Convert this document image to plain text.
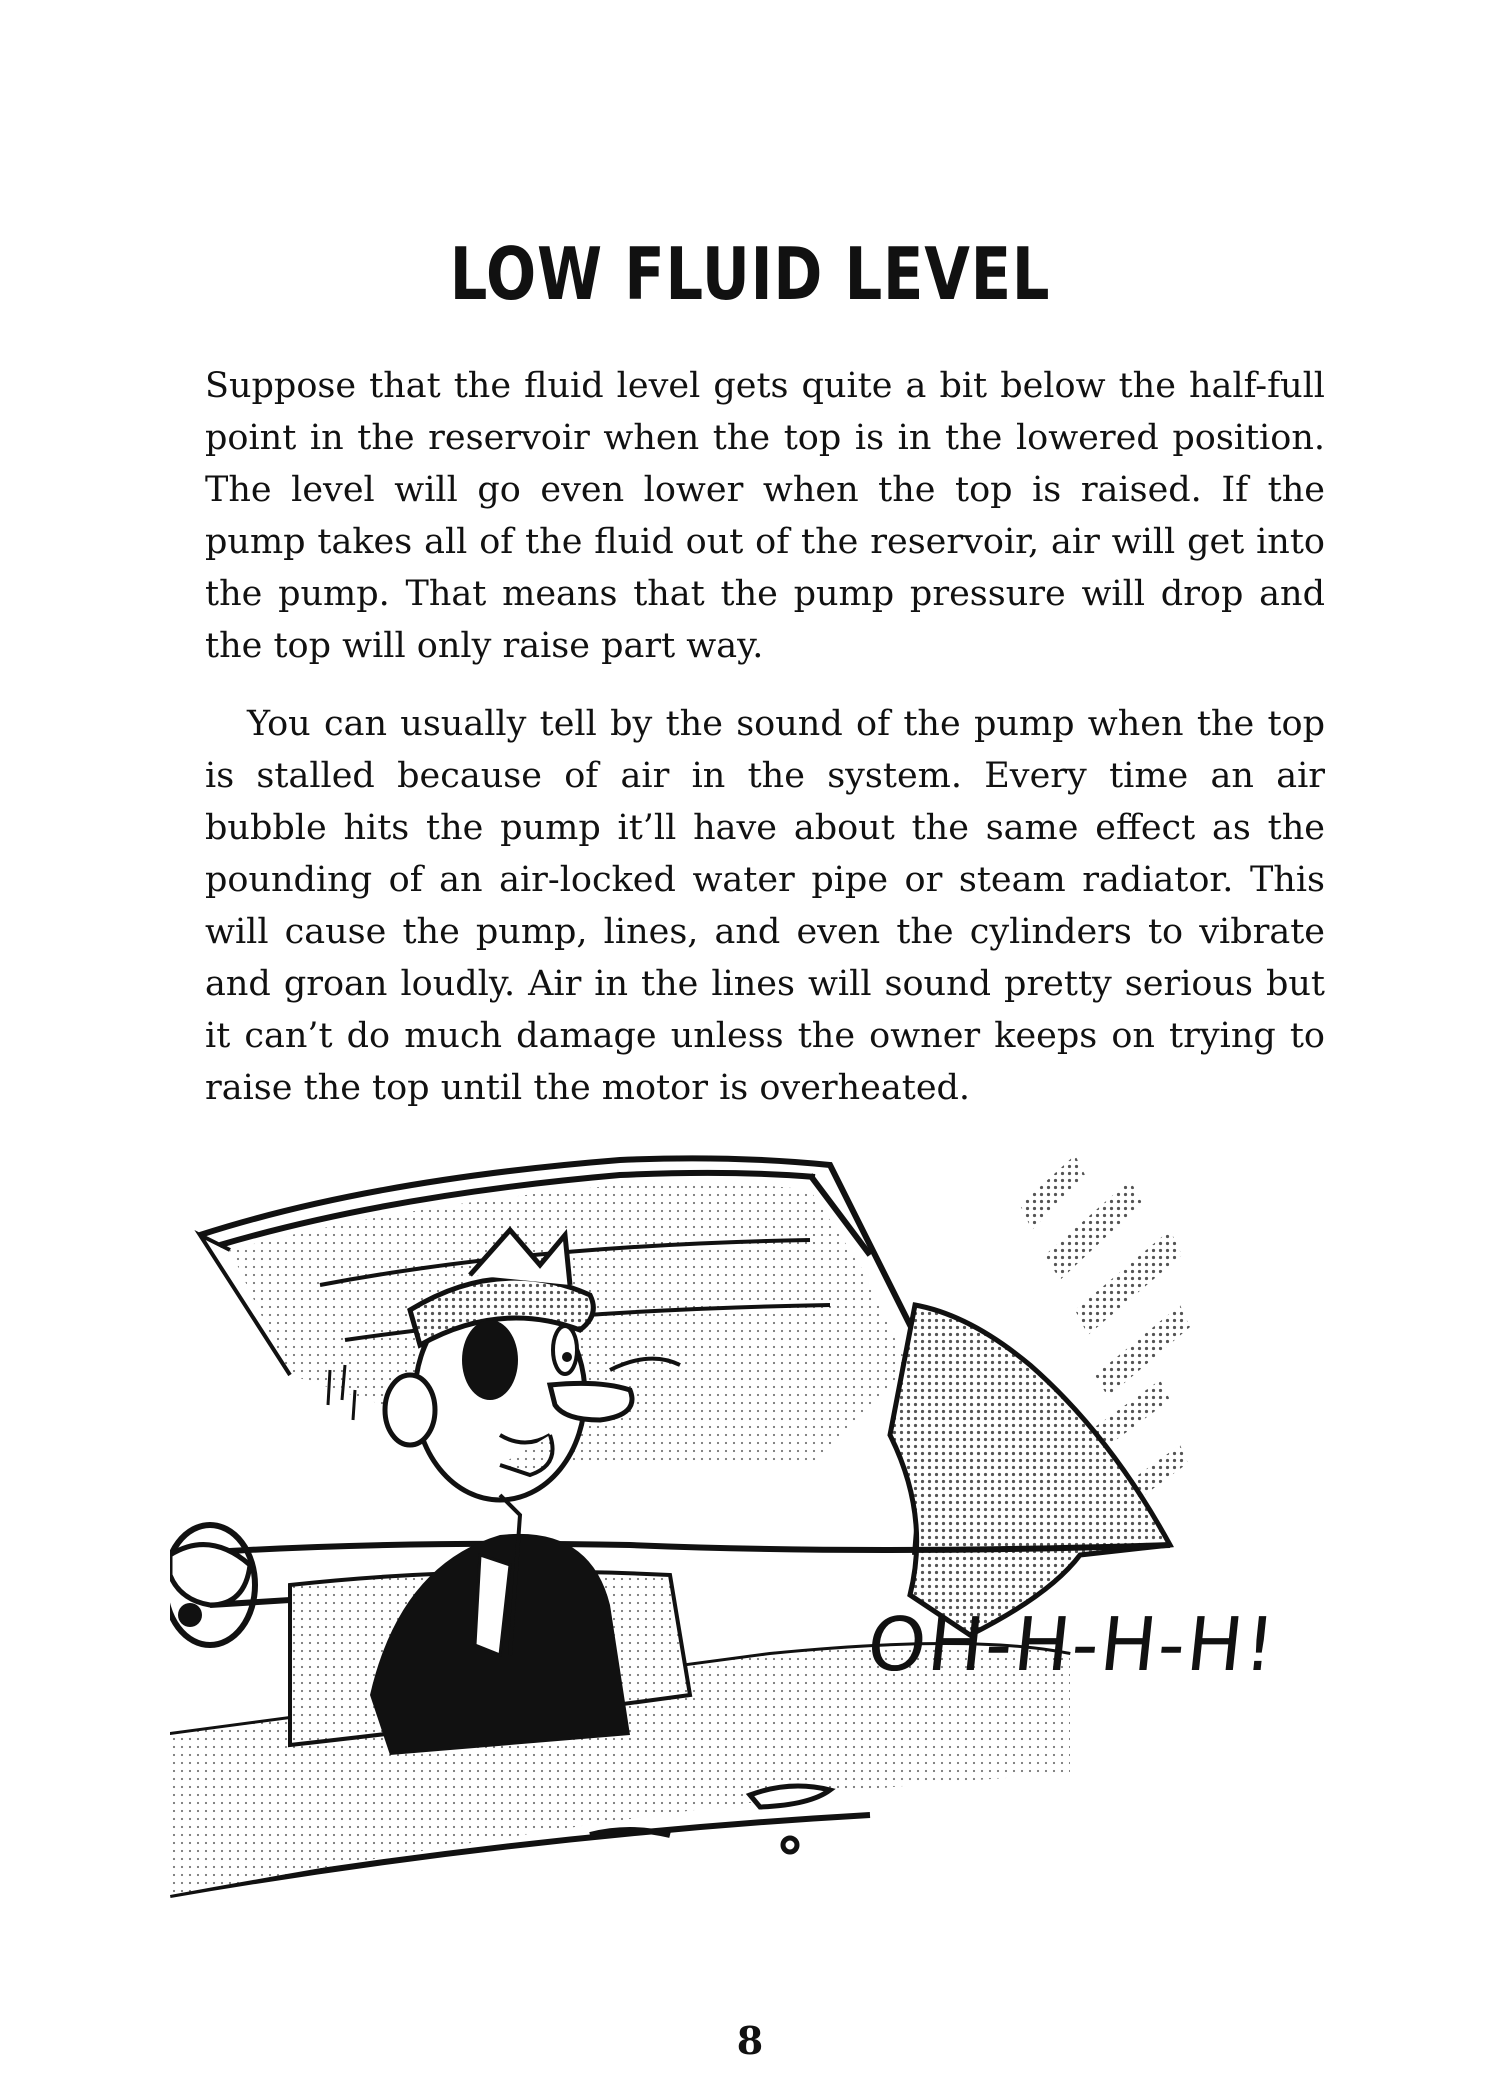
LOW FLUID LEVEL

Suppose that the fluid level gets quite a bit below the half-full point in the reservoir when the top is in the lowered position. The level will go even lower when the top is raised. If the pump takes all of the fluid out of the reservoir, air will get into the pump. That means that the pump pressure will drop and the top will only raise part way.

You can usually tell by the sound of the pump when the top is stalled because of air in the system. Every time an air bubble hits the pump it’ll have about the same effect as the pounding of an air-locked water pipe or steam radiator. This will cause the pump, lines, and even the cylinders to vibrate and groan loudly. Air in the lines will sound pretty serious but it can’t do much damage unless the owner keeps on trying to raise the top until the motor is overheated.

OH-H-H-H!
8
